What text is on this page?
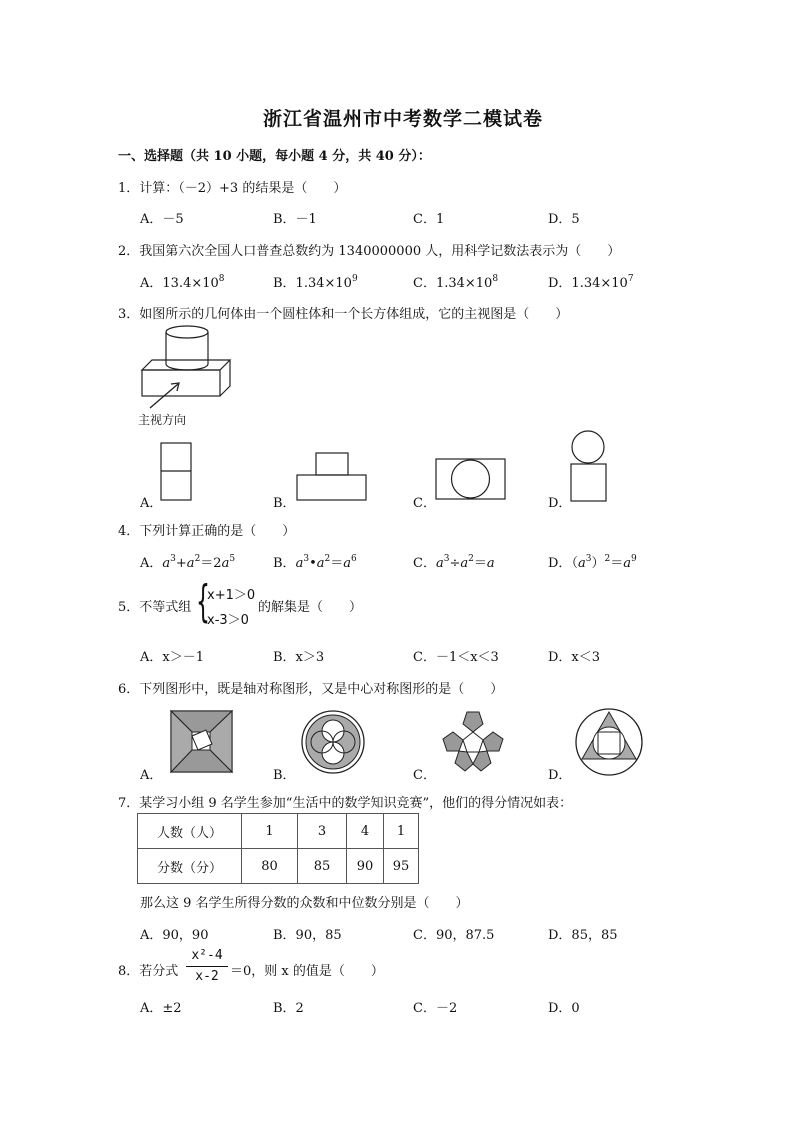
浙江省温州市中考数学二模试卷
一、选择题（共 10 小题，每小题 4 分，共 40 分）：
1．计算：（－2）+3 的结果是（　　）
A．－5	B．－1	C．1	D．5
2．我国第六次全国人口普查总数约为 1340000000 人，用科学记数法表示为（　　）
A．$13.4\times 10^8$	B．$1.34\times 10^9$	C．$1.34\times 10^8$	D．$1.34\times 10^7$
3．如图所示的几何体由一个圆柱体和一个长方体组成，它的主视图是（　　）
主视方向
A．	B．	C．	D．
4．下列计算正确的是（　　）
A．$a^3+a^2=2a^5$	B．$a^3•a^2=a^6$	C．$a^3\div a^2=a$	D．$(a^3)^2=a^9$
5．不等式组 {
x+1＞0
x-3＞0
的解集是（　　）
A．x＞－1	B．x＞3	C．－1＜x＜3	D．x＜3
6．下列图形中，既是轴对称图形，又是中心对称图形的是（　　）
A．	B．	C．	D．
7．某学习小组 9 名学生参加“生活中的数学知识竞赛”，他们的得分情况如表：
人数（人）	1	3	4	1
分数（分）	80	85	90	95
那么这 9 名学生所得分数的众数和中位数分别是（　　）
A．90，90	B．90，85	C．90，87.5	D．85，85
8．若分式
x²-4
x-2 ＝0，则 x 的值是（　　）
A．±2	B．2	C．－2	D．0
